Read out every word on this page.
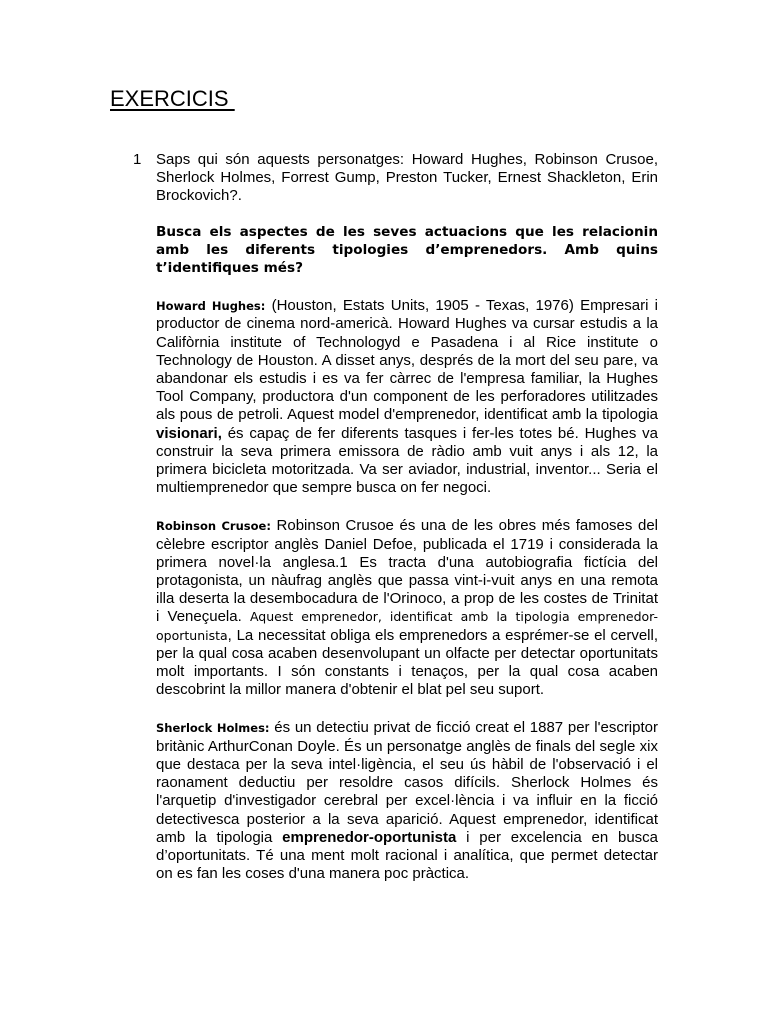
EXERCICIS
1 Saps qui són aquests personatges: Howard Hughes, Robinson Crusoe, Sherlock Holmes, Forrest Gump, Preston Tucker, Ernest Shackleton, Erin Brockovich?.

Busca els aspectes de les seves actuacions que les relacionin amb les diferents tipologies d’emprenedors. Amb quins t’identifiques més?

Howard Hughes: (Houston, Estats Units, 1905 - Texas, 1976) Empresari i productor de cinema nord-americà. Howard Hughes va cursar estudis a la Califòrnia institute of Technologyd e Pasadena i al Rice institute o Technology de Houston. A disset anys, després de la mort del seu pare, va abandonar els estudis i es va fer càrrec de l'empresa familiar, la Hughes Tool Company, productora d'un component de les perforadores utilitzades als pous de petroli. Aquest model d'emprenedor, identificat amb la tipologia visionari, és capaç de fer diferents tasques i fer-les totes bé. Hughes va construir la seva primera emissora de ràdio amb vuit anys i als 12, la primera bicicleta motoritzada. Va ser aviador, industrial, inventor... Seria el multiemprenedor que sempre busca on fer negoci.

Robinson Crusoe: Robinson Crusoe és una de les obres més famoses del cèlebre escriptor anglès Daniel Defoe, publicada el 1719 i considerada la primera novel·la anglesa.1 Es tracta d'una autobiografia fictícia del protagonista, un nàufrag anglès que passa vint-i-vuit anys en una remota illa deserta la desembocadura de l'Orinoco, a prop de les costes de Trinitat i Veneçuela. Aquest emprenedor, identificat amb la tipologia emprenedor-oportunista, La necessitat obliga els emprenedors a esprémer-se el cervell, per la qual cosa acaben desenvolupant un olfacte per detectar oportunitats molt importants. I són constants i tenaços, per la qual cosa acaben descobrint la millor manera d'obtenir el blat pel seu suport.

Sherlock Holmes: és un detectiu privat de ficció creat el 1887 per l'escriptor britànic ArthurConan Doyle. És un personatge anglès de finals del segle xix que destaca per la seva intel·ligència, el seu ús hàbil de l'observació i el raonament deductiu per resoldre casos difícils. Sherlock Holmes és l'arquetip d'investigador cerebral per excel·lència i va influir en la ficció detectivesca posterior a la seva aparició. Aquest emprenedor, identificat amb la tipologia emprenedor-oportunista i per excelencia en busca d’oportunitats. Té una ment molt racional i analítica, que permet detectar on es fan les coses d'una manera poc pràctica.
